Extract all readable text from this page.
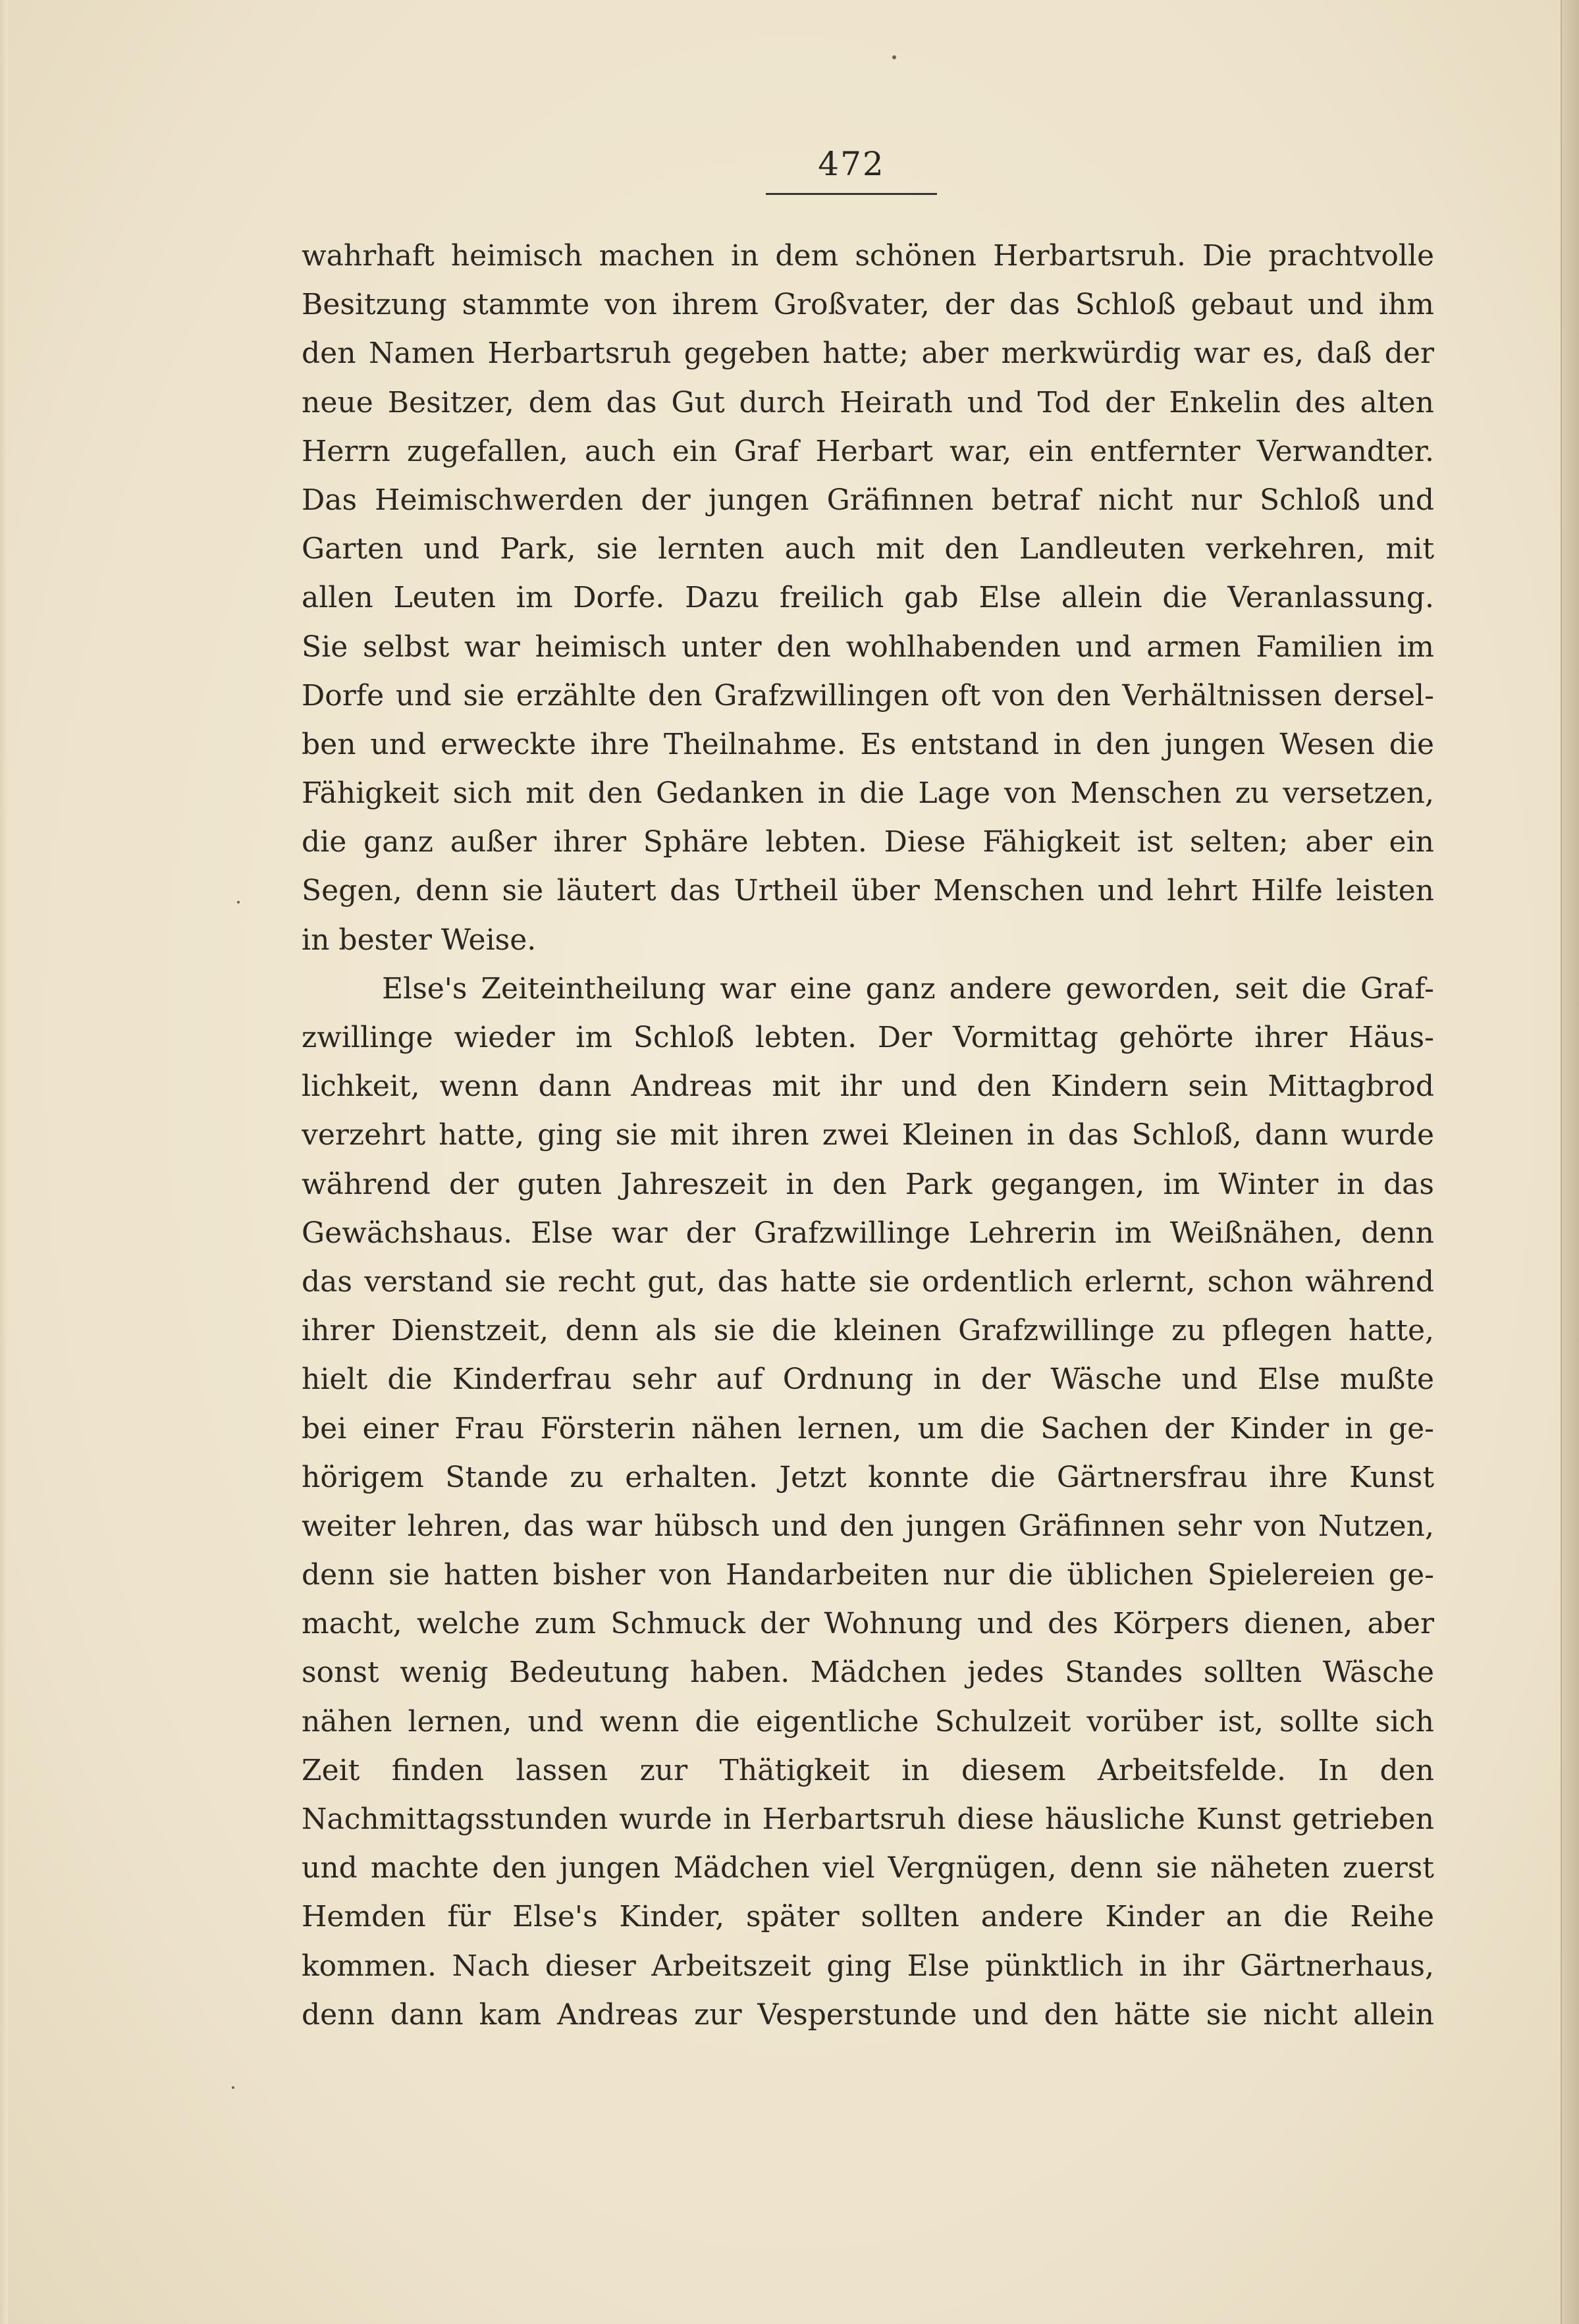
472
wahrhaft heimisch machen in dem schönen Herbartsruh. Die prachtvolle
Besitzung stammte von ihrem Großvater, der das Schloß gebaut und ihm
den Namen Herbartsruh gegeben hatte; aber merkwürdig war es, daß der
neue Besitzer, dem das Gut durch Heirath und Tod der Enkelin des alten
Herrn zugefallen, auch ein Graf Herbart war, ein entfernter Verwandter.
Das Heimischwerden der jungen Gräfinnen betraf nicht nur Schloß und
Garten und Park, sie lernten auch mit den Landleuten verkehren, mit
allen Leuten im Dorfe. Dazu freilich gab Else allein die Veranlassung.
Sie selbst war heimisch unter den wohlhabenden und armen Familien im
Dorfe und sie erzählte den Grafzwillingen oft von den Verhältnissen dersel-
ben und erweckte ihre Theilnahme. Es entstand in den jungen Wesen die
Fähigkeit sich mit den Gedanken in die Lage von Menschen zu versetzen,
die ganz außer ihrer Sphäre lebten. Diese Fähigkeit ist selten; aber ein
Segen, denn sie läutert das Urtheil über Menschen und lehrt Hilfe leisten
in bester Weise.
Else's Zeiteintheilung war eine ganz andere geworden, seit die Graf-
zwillinge wieder im Schloß lebten. Der Vormittag gehörte ihrer Häus-
lichkeit, wenn dann Andreas mit ihr und den Kindern sein Mittagbrod
verzehrt hatte, ging sie mit ihren zwei Kleinen in das Schloß, dann wurde
während der guten Jahreszeit in den Park gegangen, im Winter in das
Gewächshaus. Else war der Grafzwillinge Lehrerin im Weißnähen, denn
das verstand sie recht gut, das hatte sie ordentlich erlernt, schon während
ihrer Dienstzeit, denn als sie die kleinen Grafzwillinge zu pflegen hatte,
hielt die Kinderfrau sehr auf Ordnung in der Wäsche und Else mußte
bei einer Frau Försterin nähen lernen, um die Sachen der Kinder in ge-
hörigem Stande zu erhalten. Jetzt konnte die Gärtnersfrau ihre Kunst
weiter lehren, das war hübsch und den jungen Gräfinnen sehr von Nutzen,
denn sie hatten bisher von Handarbeiten nur die üblichen Spielereien ge-
macht, welche zum Schmuck der Wohnung und des Körpers dienen, aber
sonst wenig Bedeutung haben. Mädchen jedes Standes sollten Wäsche
nähen lernen, und wenn die eigentliche Schulzeit vorüber ist, sollte sich
Zeit finden lassen zur Thätigkeit in diesem Arbeitsfelde. In den
Nachmittagsstunden wurde in Herbartsruh diese häusliche Kunst getrieben
und machte den jungen Mädchen viel Vergnügen, denn sie näheten zuerst
Hemden für Else's Kinder, später sollten andere Kinder an die Reihe
kommen. Nach dieser Arbeitszeit ging Else pünktlich in ihr Gärtnerhaus,
denn dann kam Andreas zur Vesperstunde und den hätte sie nicht allein
